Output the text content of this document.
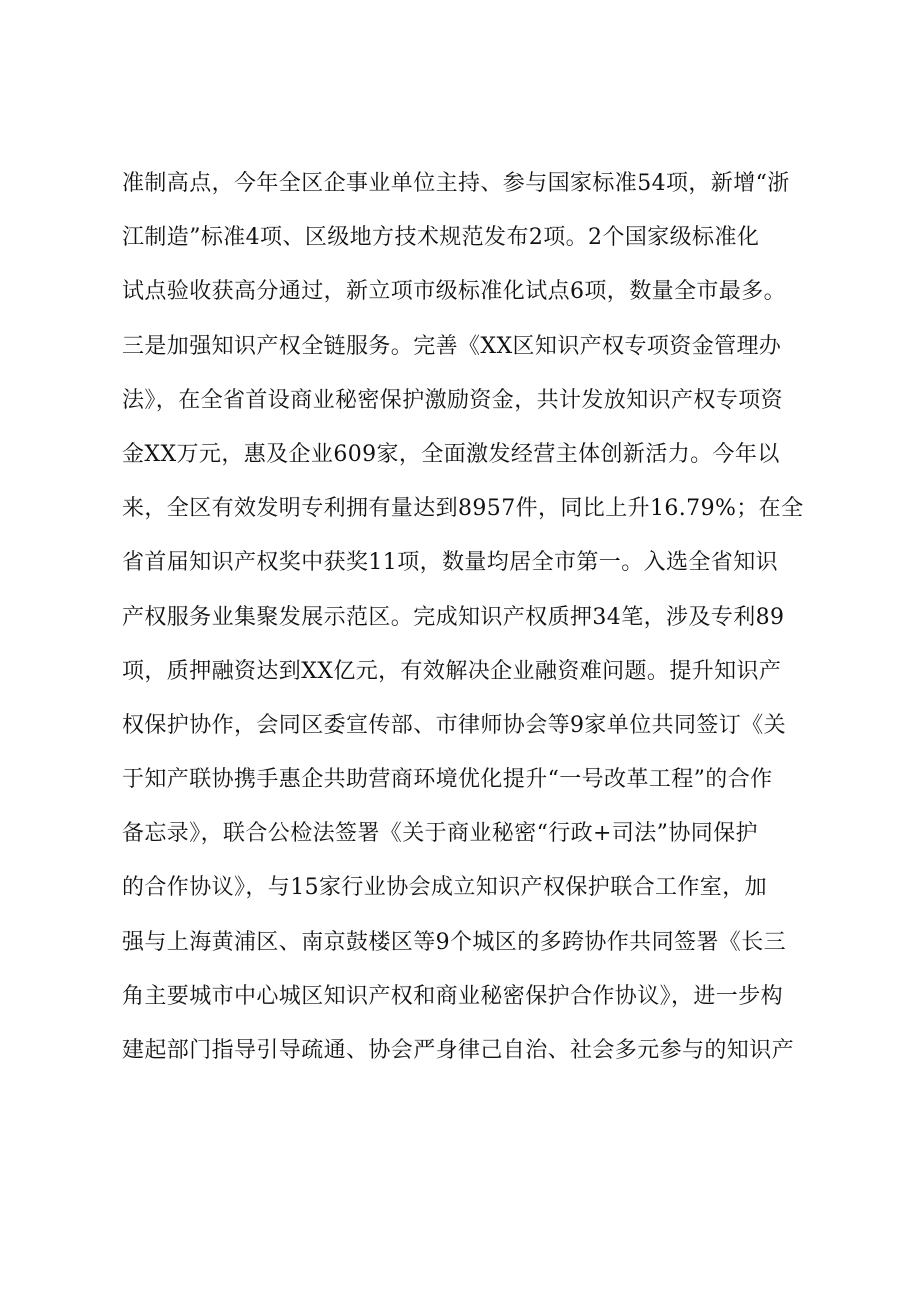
准制高点，今年全区企事业单位主持、参与国家标准54项，新增“浙
江制造”标准4项、区级地方技术规范发布2项。2个国家级标准化
试点验收获高分通过，新立项市级标准化试点6项，数量全市最多。
三是加强知识产权全链服务。完善《XX区知识产权专项资金管理办
法》，在全省首设商业秘密保护激励资金，共计发放知识产权专项资
金XX万元，惠及企业609家，全面激发经营主体创新活力。今年以
来，全区有效发明专利拥有量达到8957件，同比上升16.79%；在全
省首届知识产权奖中获奖11项，数量均居全市第一。入选全省知识
产权服务业集聚发展示范区。完成知识产权质押34笔，涉及专利89
项，质押融资达到XX亿元，有效解决企业融资难问题。提升知识产
权保护协作，会同区委宣传部、市律师协会等9家单位共同签订《关
于知产联协携手惠企共助营商环境优化提升“一号改革工程”的合作
备忘录》，联合公检法签署《关于商业秘密“行政+司法”协同保护
的合作协议》，与15家行业协会成立知识产权保护联合工作室，加
强与上海黄浦区、南京鼓楼区等9个城区的多跨协作共同签署《长三
角主要城市中心城区知识产权和商业秘密保护合作协议》，进一步构
建起部门指导引导疏通、协会严身律己自治、社会多元参与的知识产
